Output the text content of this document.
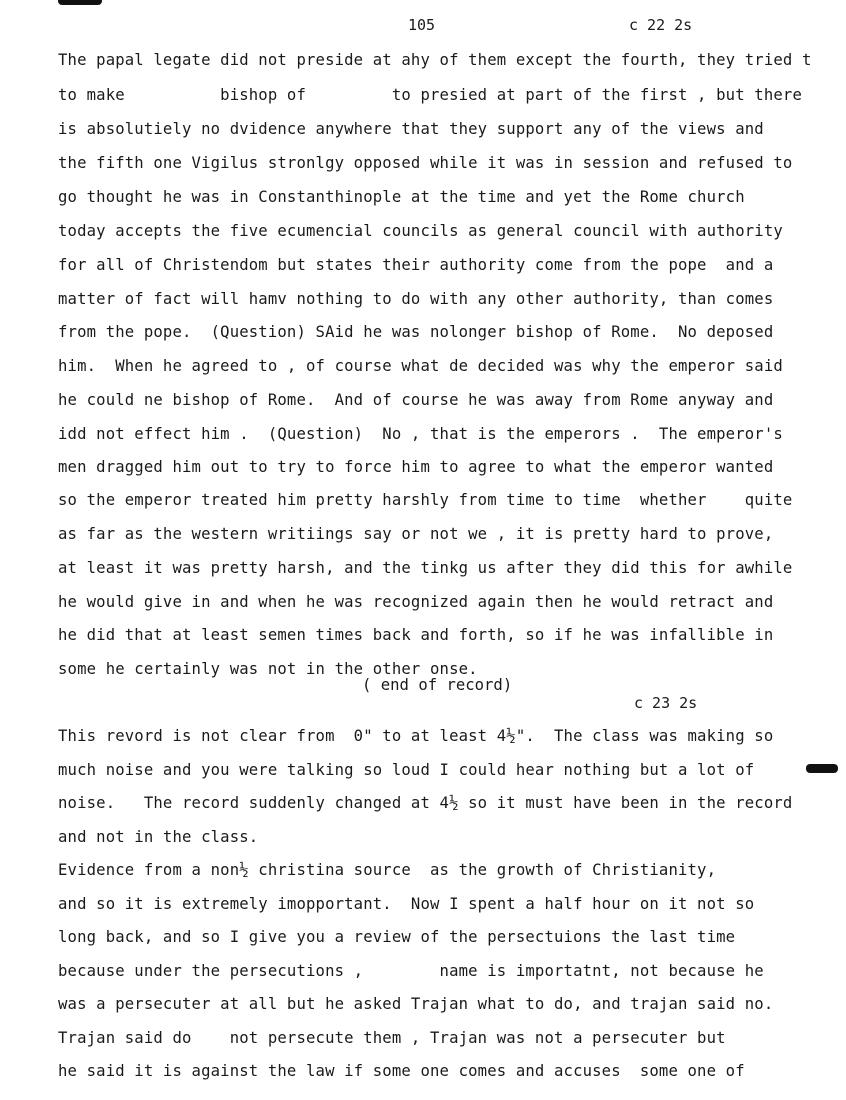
105	c 22 2s
The papal legate did not preside at ahy of them except the fourth, they tried t
to make          bishop of         to presied at part of the first , but there
is absolutiely no dvidence anywhere that they support any of the views and
the fifth one Vigilus stronlgy opposed while it was in session and refused to
go thought he was in Constanthinople at the time and yet the Rome church
today accepts the five ecumencial councils as general council with authority
for all of Christendom but states their authority come from the pope  and a
matter of fact will hamv nothing to do with any other authority, than comes
from the pope.  (Question) SAid he was nolonger bishop of Rome.  No deposed
him.  When he agreed to , of course what de decided was why the emperor said
he could ne bishop of Rome.  And of course he was away from Rome anyway and
idd not effect him .  (Question)  No , that is the emperors .  The emperor's
men dragged him out to try to force him to agree to what the emperor wanted
so the emperor treated him pretty harshly from time to time  whether    quite
as far as the western writiings say or not we , it is pretty hard to prove,
at least it was pretty harsh, and the tinkg us after they did this for awhile
he would give in and when he was recognized again then he would retract and
he did that at least semen times back and forth, so if he was infallible in
some he certainly was not in the other onse.
( end of record)
c 23 2s
This revord is not clear from  0" to at least 4½".  The class was making so
much noise and you were talking so loud I could hear nothing but a lot of
noise.   The record suddenly changed at 4½ so it must have been in the record
and not in the class.
Evidence from a non½ christina source  as the growth of Christianity,
and so it is extremely imopportant.  Now I spent a half hour on it not so
long back, and so I give you a review of the persectuions the last time
because under the persecutions ,        name is importatnt, not because he
was a persecuter at all but he asked Trajan what to do, and trajan said no.
Trajan said do    not persecute them , Trajan was not a persecuter but
he said it is against the law if some one comes and accuses  some one of
